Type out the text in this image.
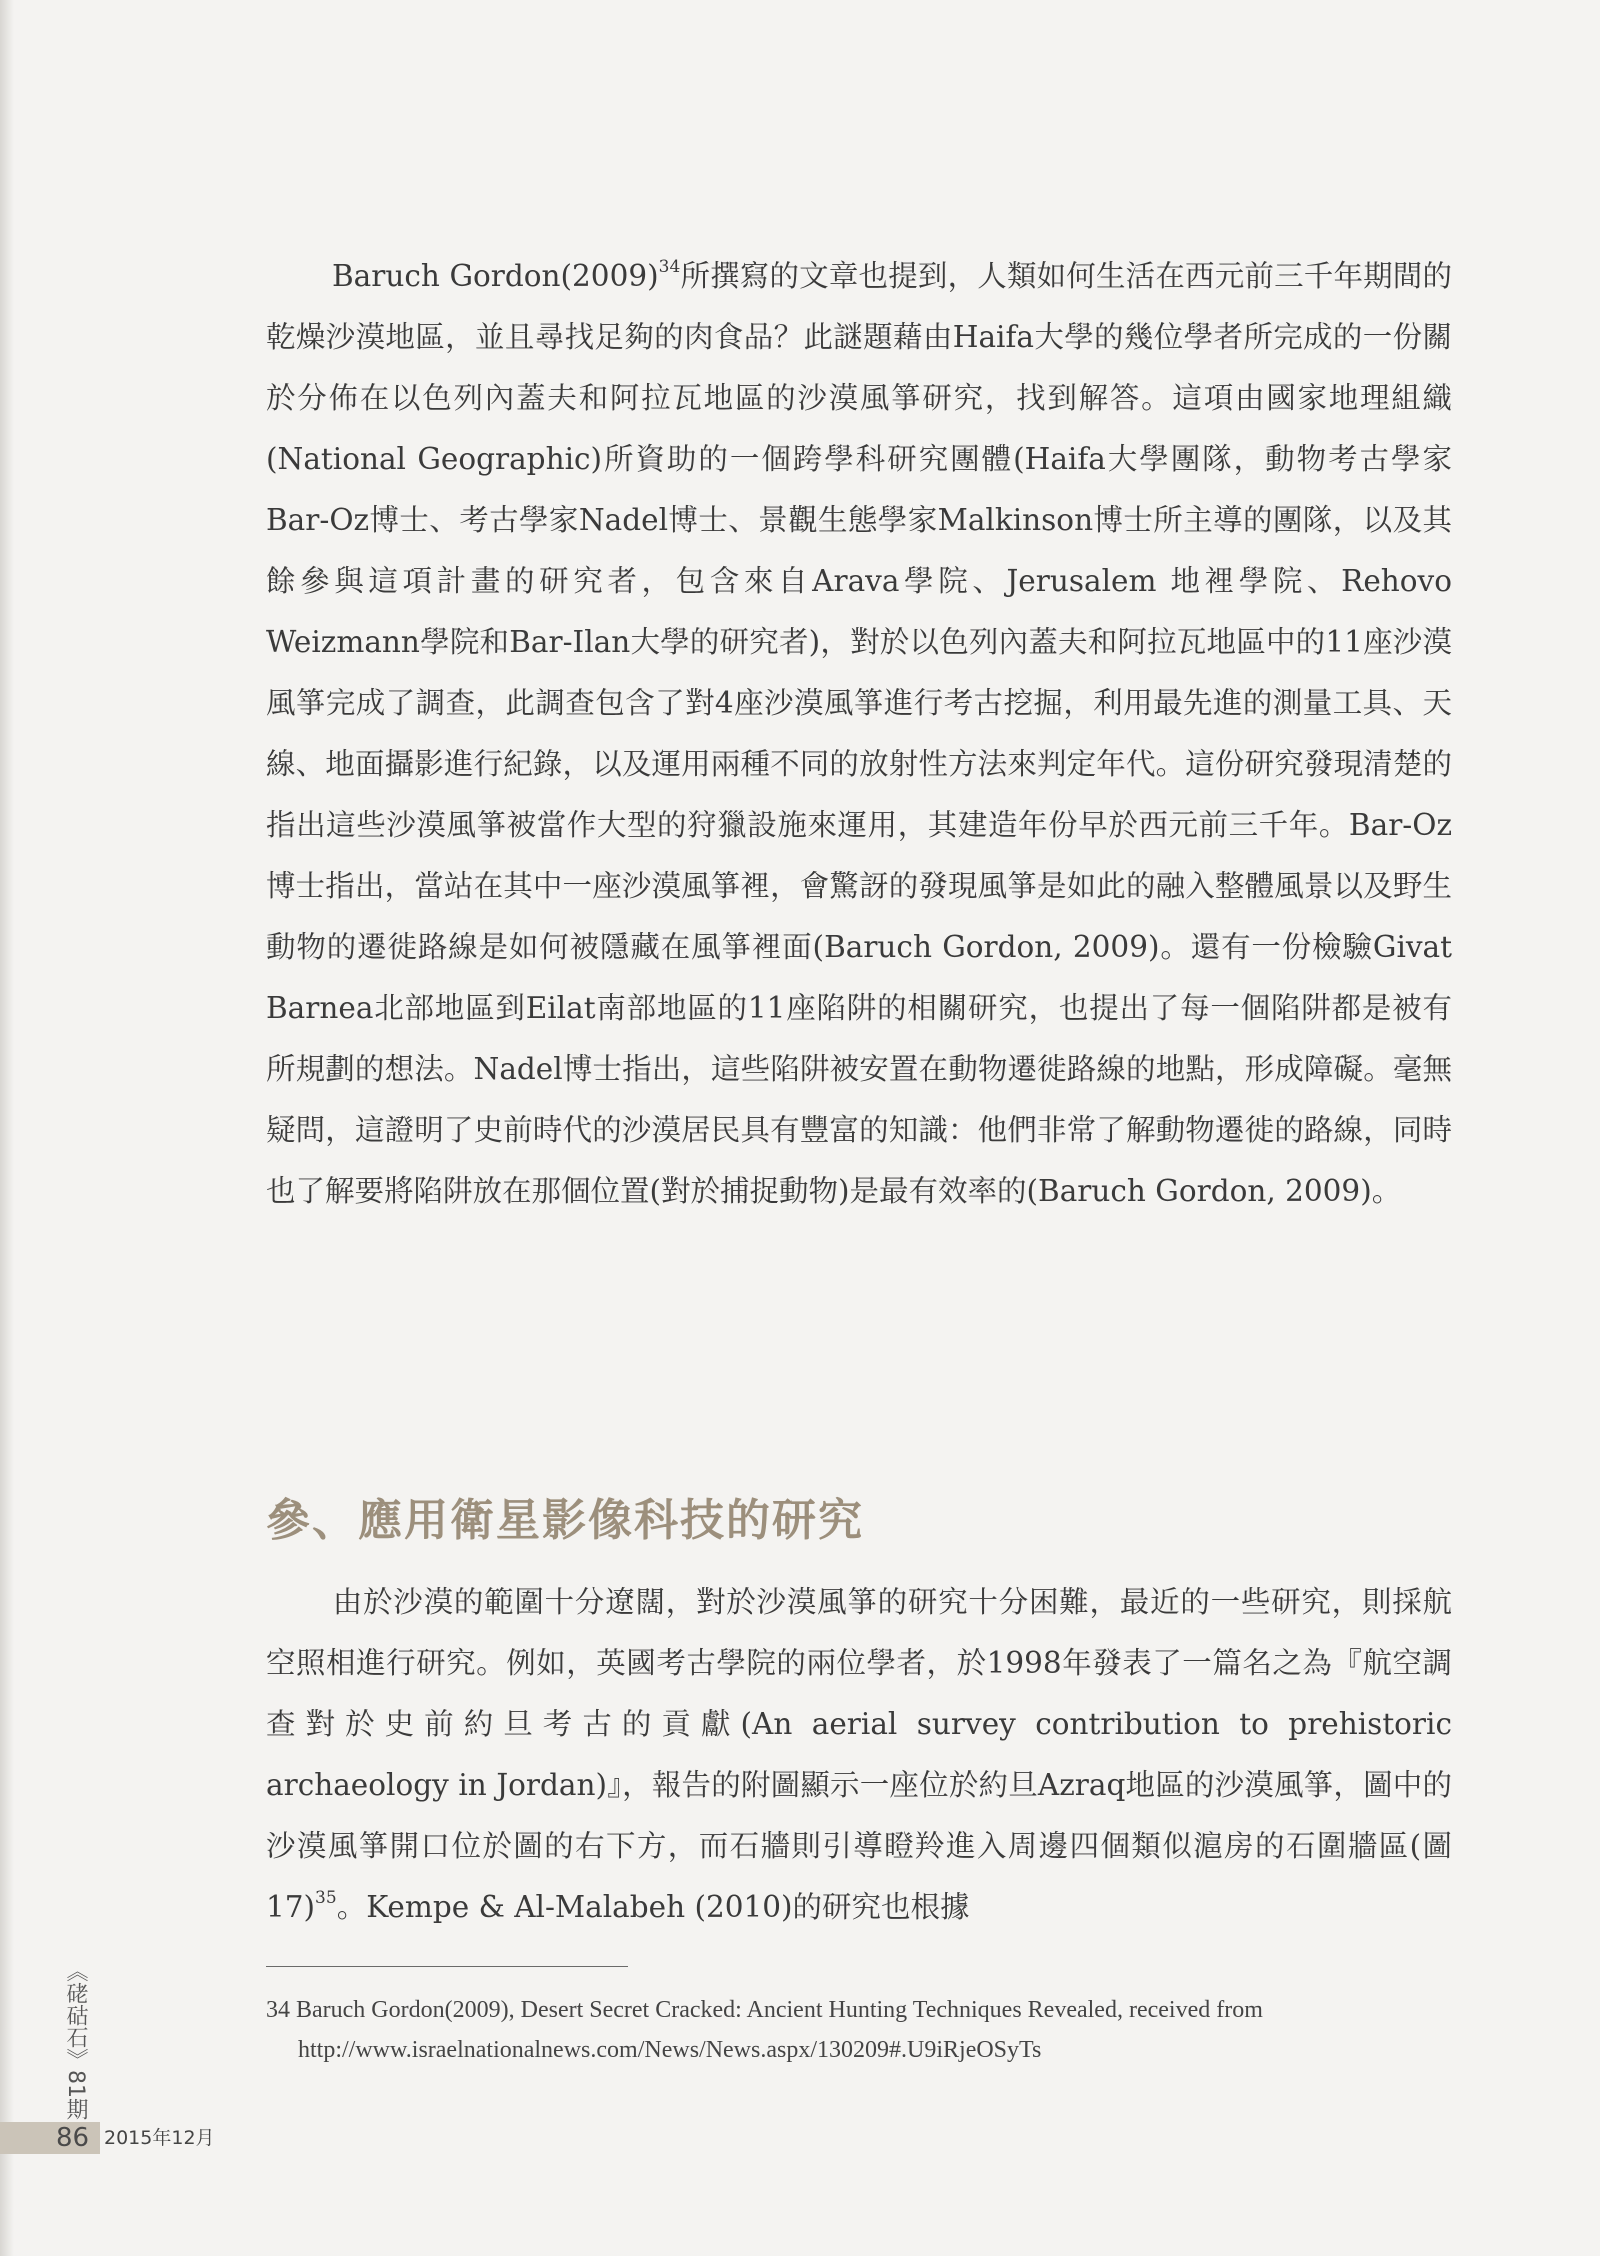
Baruch $Gordon(2009)^{34}$所撰寫的文章也提到，人類如何生活在西元前三千年期間的乾燥沙漠地區，並且尋找足夠的肉食品？此謎題藉由Haifa大學的幾位學者所完成的一份關於分佈在以色列內蓋夫和阿拉瓦地區的沙漠風箏研究，找到解答。這項由國家地理組織(National Geographic)所資助的一個跨學科研究團體(Haifa大學團隊，動物考古學家Bar-Oz博士、考古學家Nadel博士、景觀生態學家Malkinson博士所主導的團隊，以及其餘參與這項計畫的研究者，包含來自Arava學院、Jerusalem 地裡學院、Rehovo Weizmann學院和Bar-Ilan大學的研究者)，對於以色列內蓋夫和阿拉瓦地區中的11座沙漠風箏完成了調查，此調查包含了對4座沙漠風箏進行考古挖掘，利用最先進的測量工具、天線、地面攝影進行紀錄，以及運用兩種不同的放射性方法來判定年代。這份研究發現清楚的指出這些沙漠風箏被當作大型的狩獵設施來運用，其建造年份早於西元前三千年。Bar-Oz博士指出，當站在其中一座沙漠風箏裡，會驚訝的發現風箏是如此的融入整體風景以及野生動物的遷徙路線是如何被隱藏在風箏裡面(Baruch Gordon, 2009)。還有一份檢驗Givat Barnea北部地區到Eilat南部地區的11座陷阱的相關研究，也提出了每一個陷阱都是被有所規劃的想法。Nadel博士指出，這些陷阱被安置在動物遷徙路線的地點，形成障礙。毫無疑問，這證明了史前時代的沙漠居民具有豐富的知識：他們非常了解動物遷徙的路線，同時也了解要將陷阱放在那個位置(對於捕捉動物)是最有效率的(Baruch Gordon, 2009)。

參、應用衛星影像科技的研究

由於沙漠的範圍十分遼闊，對於沙漠風箏的研究十分困難，最近的一些研究，則採航空照相進行研究。例如，英國考古學院的兩位學者，於1998年發表了一篇名之為『航空調查對於史前約旦考古的貢獻(An aerial survey contribution to prehistoric archaeology in Jordan)』，報告的附圖顯示一座位於約旦Azraq地區的沙漠風箏，圖中的沙漠風箏開口位於圖的右下方，而石牆則引導瞪羚進入周邊四個類似滬房的石圍牆區(圖17)$^{35}$。Kempe & Al-Malabeh (2010)的研究也根據

34 Baruch Gordon(2009), Desert Secret Cracked: Ancient Hunting Techniques Revealed, received from
http://www.israelnationalnews.com/News/News.aspx/130209#.U9iRjeOSyTs
《硓𥑮石》81期
86 2015年12月
